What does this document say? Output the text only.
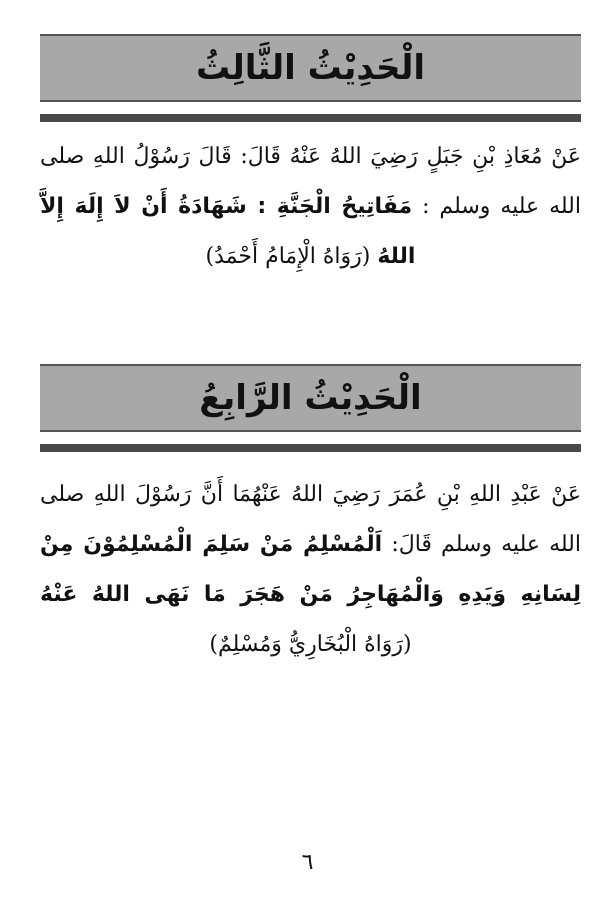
الْحَدِيْثُ الثَّالِثُ
عَنْ مُعَاذِ بْنِ جَبَلٍ رَضِيَ اللهُ عَنْهُ قَالَ: قَالَ رَسُوْلُ اللهِ صلى الله عليه وسلم : مَفَاتِيحُ الْجَنَّةِ : شَهَادَةُ أَنْ لاَ إِلَهَ إِلاَّ اللهُ (رَوَاهُ الْإِمَامُ أَحْمَدُ)
الْحَدِيْثُ الرَّابِعُ
عَنْ عَبْدِ اللهِ بْنِ عُمَرَ رَضِيَ اللهُ عَنْهُمَا أَنَّ رَسُوْلَ اللهِ صلى الله عليه وسلم قَالَ: اَلْمُسْلِمُ مَنْ سَلِمَ الْمُسْلِمُوْنَ مِنْ لِسَانِهِ وَيَدِهِ وَالْمُهَاجِرُ مَنْ هَجَرَ مَا نَهَى اللهُ عَنْهُ (رَوَاهُ الْبُخَارِيُّ وَمُسْلِمٌ)
٦
